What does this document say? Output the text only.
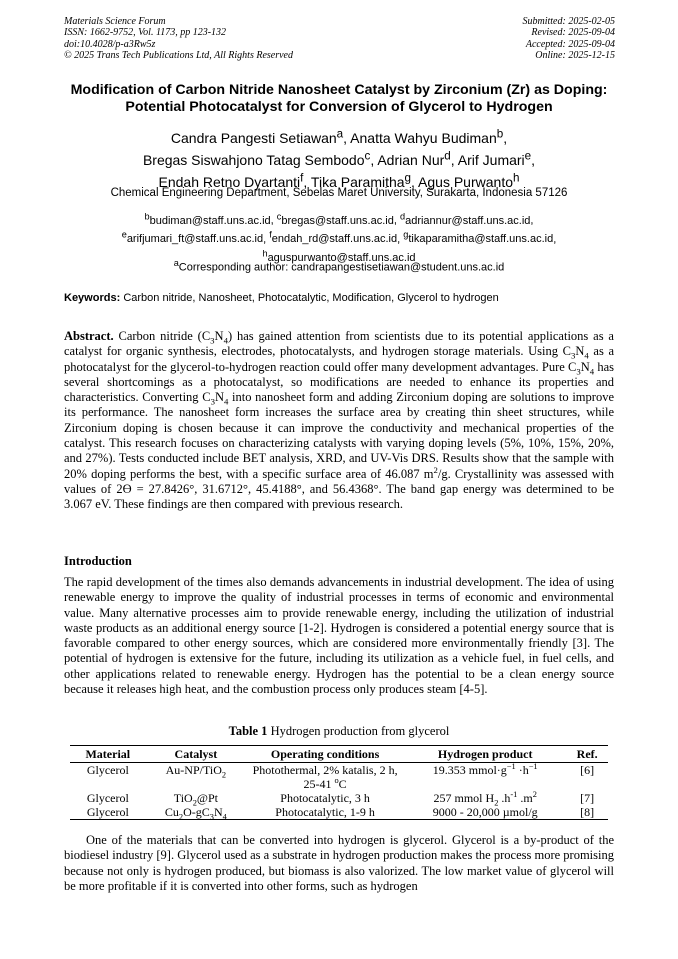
Materials Science Forum
ISSN: 1662-9752, Vol. 1173, pp 123-132
doi:10.4028/p-a3Rw5z
© 2025 Trans Tech Publications Ltd, All Rights Reserved
Submitted: 2025-02-05
Revised: 2025-09-04
Accepted: 2025-09-04
Online: 2025-12-15
Modification of Carbon Nitride Nanosheet Catalyst by Zirconium (Zr) as Doping: Potential Photocatalyst for Conversion of Glycerol to Hydrogen
Candra Pangesti Setiawan$^a$, Anatta Wahyu Budiman$^b$,
Bregas Siswahjono Tatag Sembodo$^c$, Adrian Nur$^d$, Arif Jumari$^e$,
Endah Retno Dyartanti$^f$, Tika Paramitha$^g$, Agus Purwanto$^h$
Chemical Engineering Department, Sebelas Maret University, Surakarta, Indonesia 57126
$^b$budiman@staff.uns.ac.id, $^c$bregas@staff.uns.ac.id, $^d$adriannur@staff.uns.ac.id,
$^e$arifjumari_ft@staff.uns.ac.id, $^f$endah_rd@staff.uns.ac.id, $^g$tikaparamitha@staff.uns.ac.id,
$^h$aguspurwanto@staff.uns.ac.id
$^a$Corresponding author: candrapangestisetiawan@student.uns.ac.id
Keywords: Carbon nitride, Nanosheet, Photocatalytic, Modification, Glycerol to hydrogen
Abstract. Carbon nitride $(C_3N_4)$ has gained attention from scientists due to its potential applications as a catalyst for organic synthesis, electrodes, photocatalysts, and hydrogen storage materials. Using $C_3N_4$ as a photocatalyst for the glycerol-to-hydrogen reaction could offer many development advantages. Pure $C_3N_4$ has several shortcomings as a photocatalyst, so modifications are needed to enhance its properties and characteristics. Converting $C_3N_4$ into nanosheet form and adding Zirconium doping are solutions to improve its performance. The nanosheet form increases the surface area by creating thin sheet structures, while Zirconium doping is chosen because it can improve the conductivity and mechanical properties of the catalyst. This research focuses on characterizing catalysts with varying doping levels (5%, 10%, 15%, 20%, and 27%). Tests conducted include BET analysis, XRD, and UV-Vis DRS. Results show that the sample with 20% doping performs the best, with a specific surface area of 46.087 $m^2/g$. Crystallinity was assessed with values of 2Ɵ = 27.8426°, 31.6712°, 45.4188°, and 56.4368°. The band gap energy was determined to be 3.067 eV. These findings are then compared with previous research.
Introduction
The rapid development of the times also demands advancements in industrial development. The idea of using renewable energy to improve the quality of industrial processes in terms of economic and environmental value. Many alternative processes aim to provide renewable energy, including the utilization of industrial waste products as an additional energy source [1-2]. Hydrogen is considered a potential energy source that is favorable compared to other energy sources, which are considered more environmentally friendly [3]. The potential of hydrogen is extensive for the future, including its utilization as a vehicle fuel, in fuel cells, and other applications related to renewable energy. Hydrogen has the potential to be a clean energy source because it releases high heat, and the combustion process only produces steam [4-5].
Table 1 Hydrogen production from glycerol
Material	Catalyst	Operating conditions	Hydrogen product	Ref.
Glycerol	Au-NP/TiO$_2$	Photothermal, 2% katalis, 2 h, 25-41 $^o$C	19.353 $mmol\cdot g^{-1} \cdot h^{-1}$	[6]
Glycerol	TiO$_2$@Pt	Photocatalytic, 3 h	257 mmol $H_2$ $.h^{-1}$ $.m^2$	[7]
Glycerol	$Cu_2O-gC_3N_4$	Photocatalytic, 1-9 h	9000 - 20,000 µmol/g	[8]
One of the materials that can be converted into hydrogen is glycerol. Glycerol is a by-product of the biodiesel industry [9]. Glycerol used as a substrate in hydrogen production makes the process more promising because not only is hydrogen produced, but biomass is also valorized. The low market value of glycerol will be more profitable if it is converted into other forms, such as hydrogen
